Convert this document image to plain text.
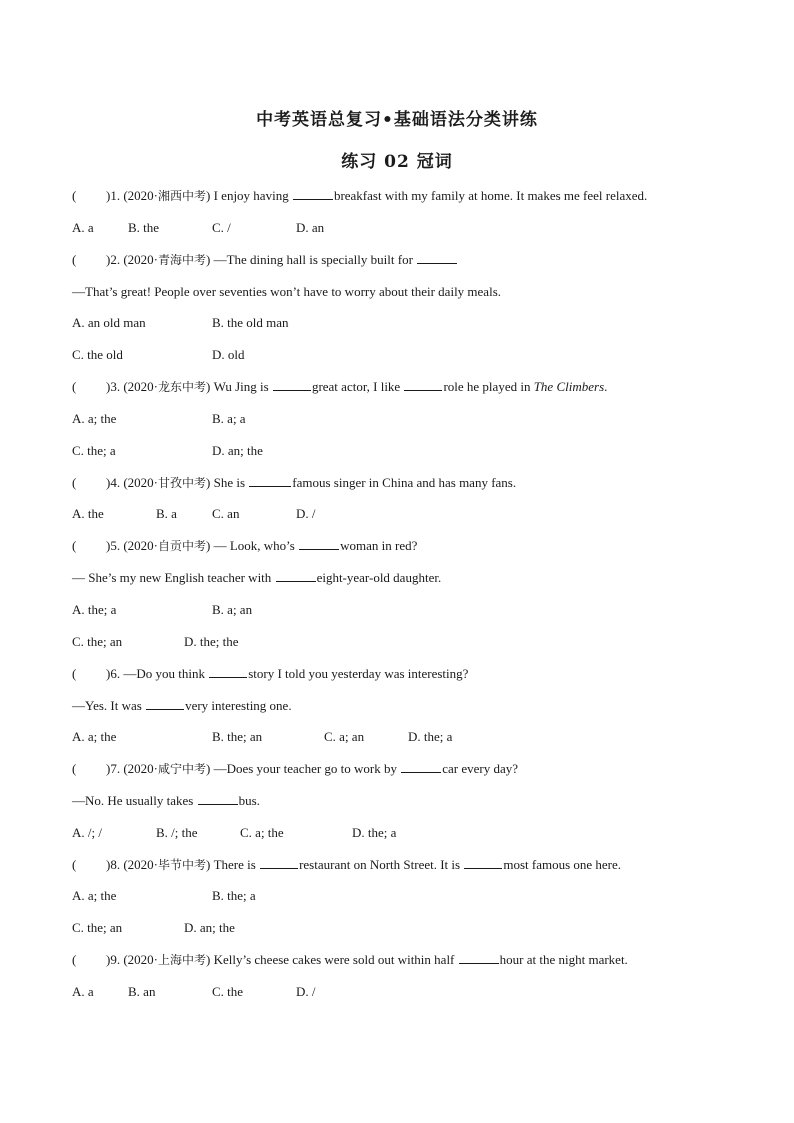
中考英语总复习•基础语法分类讲练
练习 02 冠词
( )1. (2020·湘西中考) I enjoy having	breakfast with my family at home. It makes me feel relaxed.
A. a	B. the	C. /	D. an
( )2. (2020·青海中考) —The dining hall is specially built for
—That’s great! People over seventies won’t have to worry about their daily meals.
A. an old man	B. the old man
C. the old	D. old
( )3. (2020·龙东中考) Wu Jing is	great actor, I like	role he played in The Climbers.
A. a; the	B. a; a
C. the; a	D. an; the
( )4. (2020·甘孜中考) She is	famous singer in China and has many fans.
A. the	B. a	C. an	D. /
( )5. (2020·自贡中考) — Look, who’s	woman in red?
— She’s my new English teacher with	eight-year-old daughter.
A. the; a	B. a; an
C. the; an	D. the; the
( )6. —Do you think	story I told you yesterday was interesting?
—Yes. It was	very interesting one.
A. a; the	B. the; an	C. a; an	D. the; a
( )7. (2020·咸宁中考) —Does your teacher go to work by	car every day?
—No. He usually takes	bus.
A. /; /	B. /; the	C. a; the	D. the; a
( )8. (2020·毕节中考) There is	restaurant on North Street. It is	most famous one here.
A. a; the	B. the; a
C. the; an	D. an; the
( )9. (2020·上海中考) Kelly’s cheese cakes were sold out within half	hour at the night market.
A. a	B. an	C. the	D. /
